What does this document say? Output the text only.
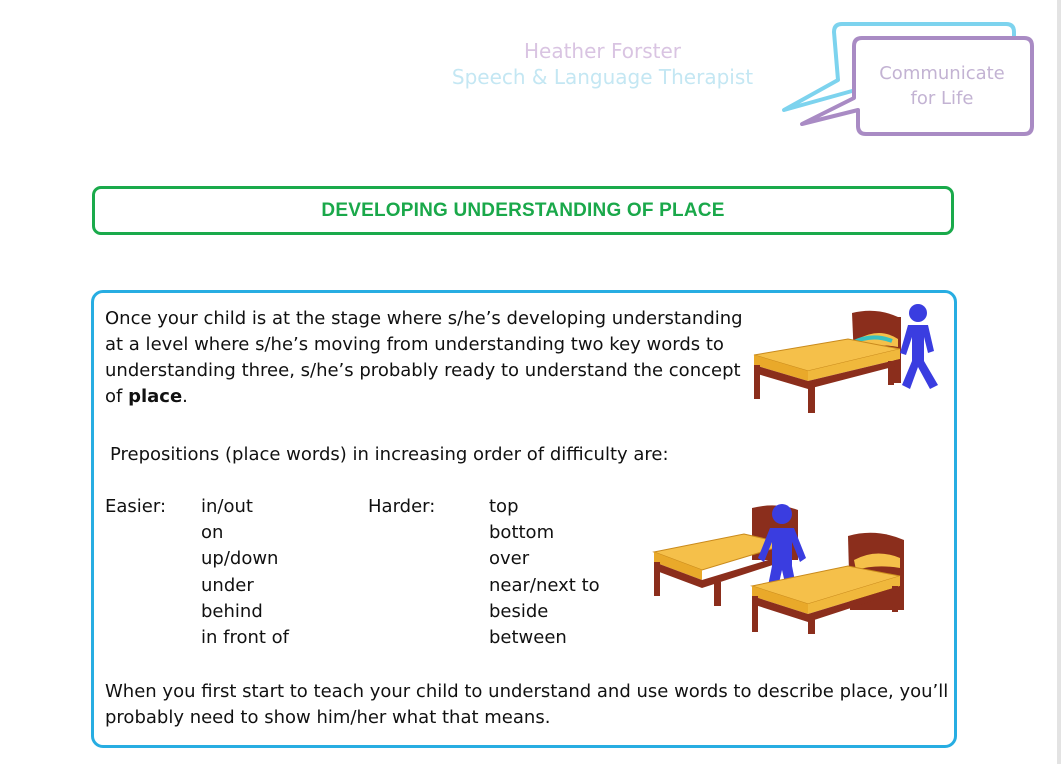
Heather Forster
Speech & Language Therapist	Communicate
for Life
DEVELOPING UNDERSTANDING OF PLACE
Once your child is at the stage where s/he’s developing understanding
at a level where s/he’s moving from understanding two key words to
understanding three, s/he’s probably ready to understand the concept
of place.
Prepositions (place words) in increasing order of difficulty are:
Easier: in/out
on
up/down
under
behind
in front of
Harder:	top
bottom
over
near/next to
beside
between
When you first start to teach your child to understand and use words to describe place, you’ll
probably need to show him/her what that means.
